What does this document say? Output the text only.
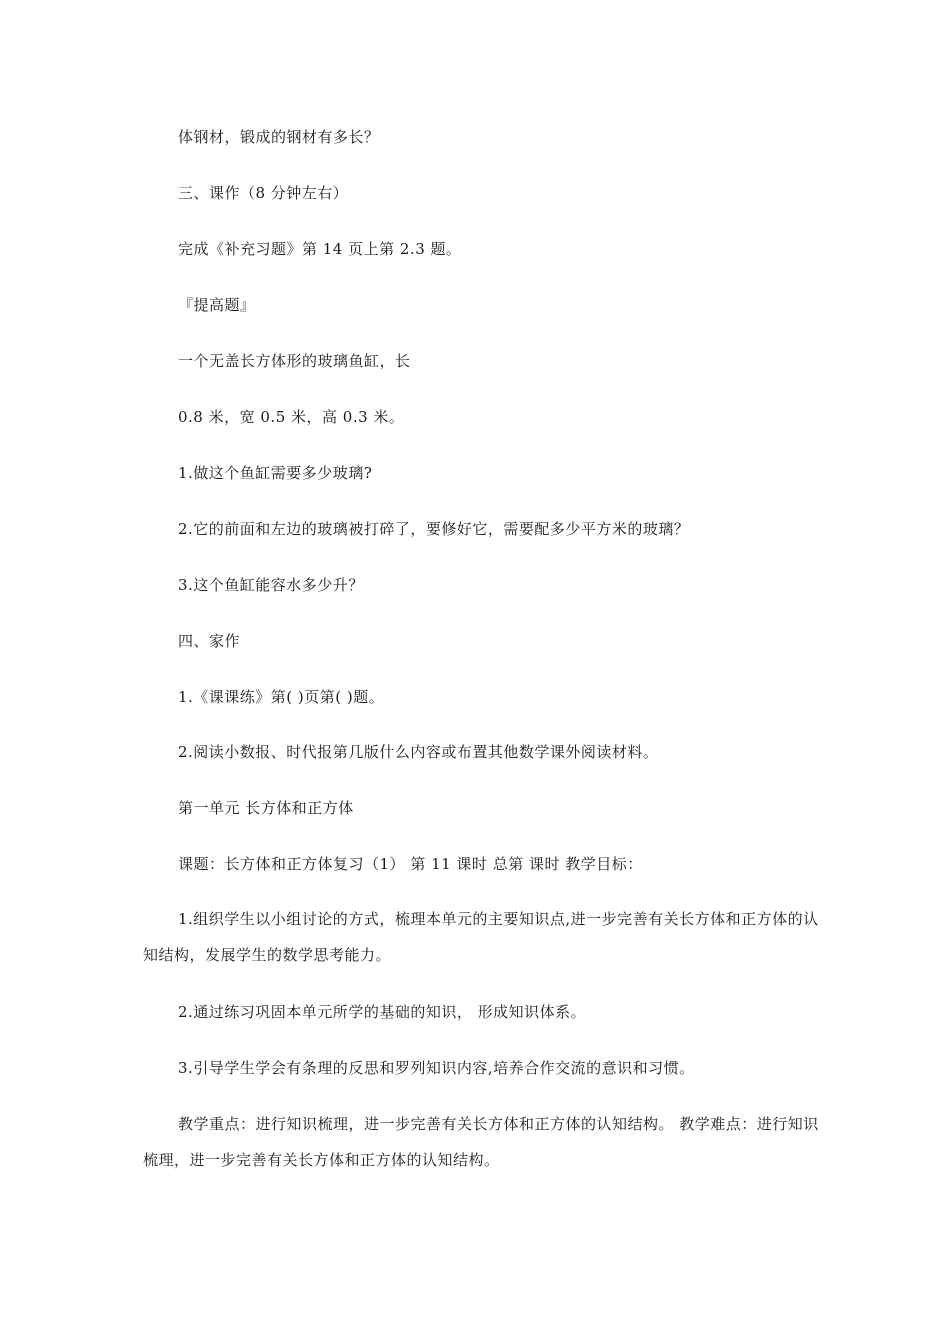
体钢材，锻成的钢材有多长？
三、课作（8 分钟左右）
完成《补充习题》第 14 页上第 2.3 题。
『提高题』
一个无盖长方体形的玻璃鱼缸，长
0.8 米，宽 0.5 米，高 0.3 米。
1.做这个鱼缸需要多少玻璃?
2.它的前面和左边的玻璃被打碎了，要修好它，需要配多少平方米的玻璃？
3.这个鱼缸能容水多少升？
四、家作
1.《课课练》第( )页第( )题。
2.阅读小数报、时代报第几版什么内容或布置其他数学课外阅读材料。
第一单元 长方体和正方体
课题：长方体和正方体复习（1） 第 11 课时 总第 课时 教学目标：
1.组织学生以小组讨论的方式，梳理本单元的主要知识点,进一步完善有关长方体和正方体的认知结构，发展学生的数学思考能力。
2.通过练习巩固本单元所学的基础的知识， 形成知识体系。
3.引导学生学会有条理的反思和罗列知识内容,培养合作交流的意识和习惯。
教学重点：进行知识梳理，进一步完善有关长方体和正方体的认知结构。 教学难点：进行知识梳理，进一步完善有关长方体和正方体的认知结构。
